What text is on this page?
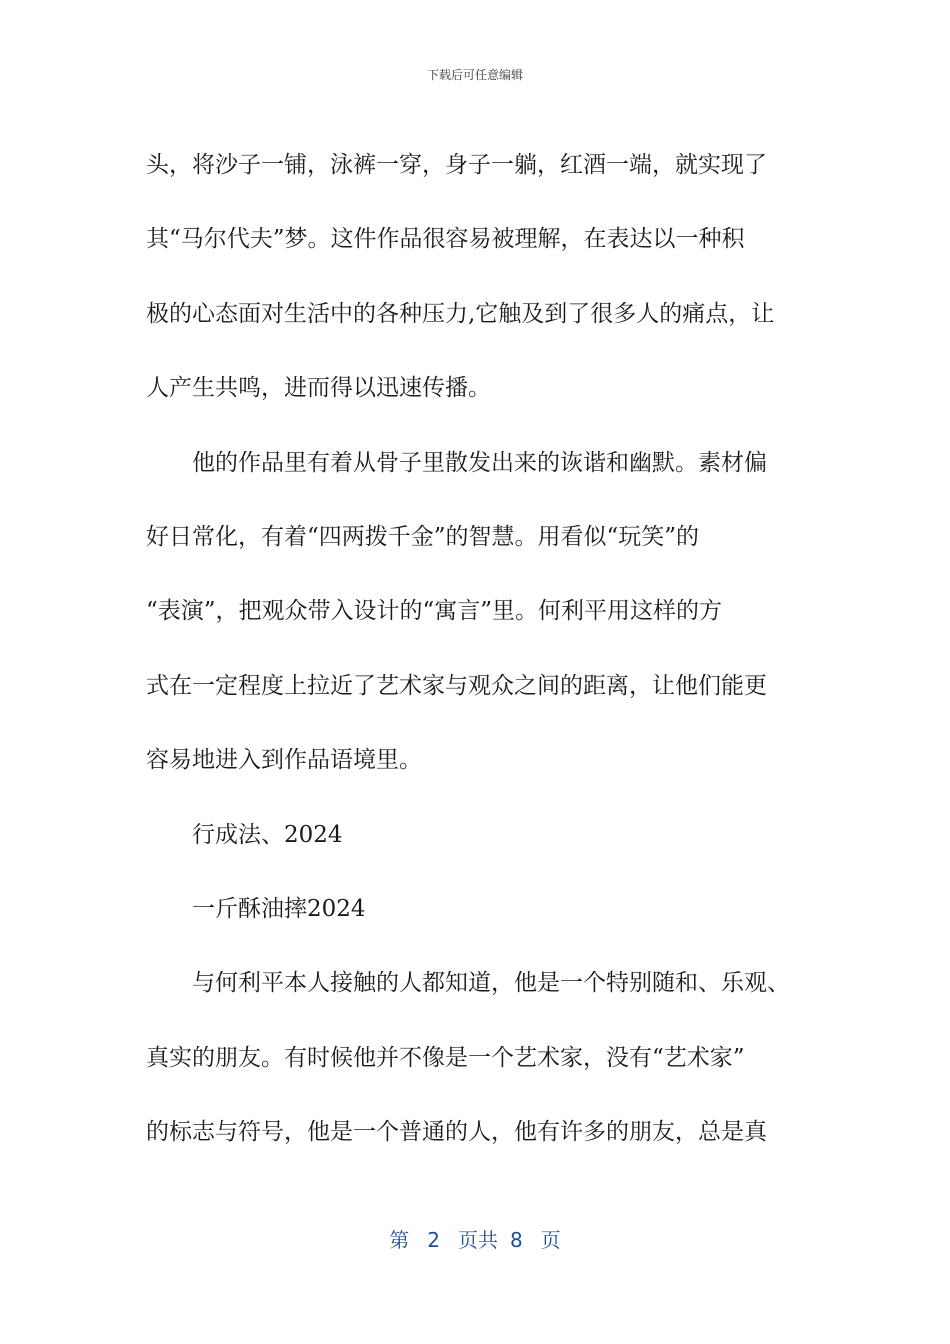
下载后可任意编辑
头，将沙子一铺，泳裤一穿，身子一躺，红酒一端，就实现了
其“马尔代夫”梦。这件作品很容易被理解，在表达以一种积
极的心态面对生活中的各种压力,它触及到了很多人的痛点，让
人产生共鸣，进而得以迅速传播。
他的作品里有着从骨子里散发出来的诙谐和幽默。素材偏
好日常化，有着“四两拨千金”的智慧。用看似“玩笑”的
“表演”，把观众带入设计的“寓言”里。何利平用这样的方
式在一定程度上拉近了艺术家与观众之间的距离，让他们能更
容易地进入到作品语境里。
行成法、2024
一斤酥油摔2024
与何利平本人接触的人都知道，他是一个特别随和、乐观、
真实的朋友。有时候他并不像是一个艺术家，没有“艺术家”
的标志与符号，他是一个普通的人，他有许多的朋友，总是真
第 2 页共 8 页
